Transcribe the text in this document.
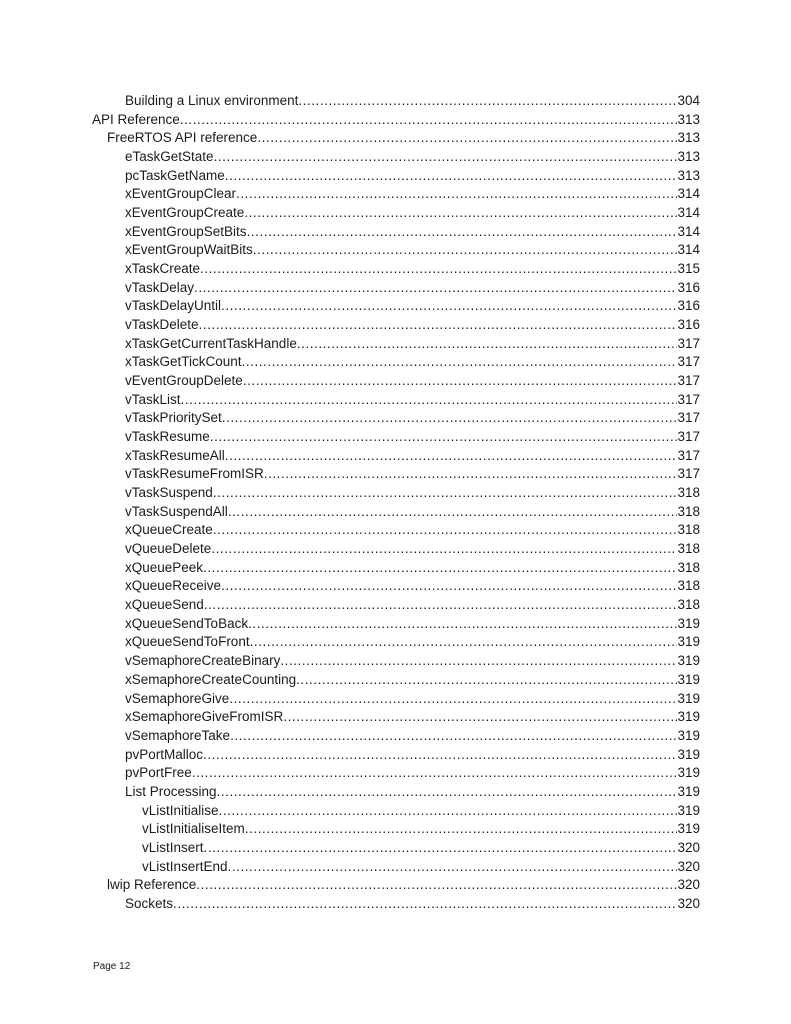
Building a Linux environment .....	304
API Reference .....	313
FreeRTOS API reference .....	313
eTaskGetState .....	313
pcTaskGetName .....	313
xEventGroupClear .....	314
xEventGroupCreate .....	314
xEventGroupSetBits .....	314
xEventGroupWaitBits .....	314
xTaskCreate .....	315
vTaskDelay .....	316
vTaskDelayUntil .....	316
vTaskDelete .....	316
xTaskGetCurrentTaskHandle .....	317
xTaskGetTickCount .....	317
vEventGroupDelete .....	317
vTaskList .....	317
vTaskPrioritySet .....	317
vTaskResume .....	317
xTaskResumeAll .....	317
vTaskResumeFromISR .....	317
vTaskSuspend .....	318
vTaskSuspendAll .....	318
xQueueCreate .....	318
vQueueDelete .....	318
xQueuePeek .....	318
xQueueReceive .....	318
xQueueSend .....	318
xQueueSendToBack .....	319
xQueueSendToFront .....	319
vSemaphoreCreateBinary .....	319
xSemaphoreCreateCounting .....	319
vSemaphoreGive .....	319
xSemaphoreGiveFromISR .....	319
vSemaphoreTake .....	319
pvPortMalloc .....	319
pvPortFree .....	319
List Processing .....	319
vListInitialise .....	319
vListInitialiseItem .....	319
vListInsert .....	320
vListInsertEnd .....	320
lwip Reference .....	320
Sockets .....	320
Page 12
